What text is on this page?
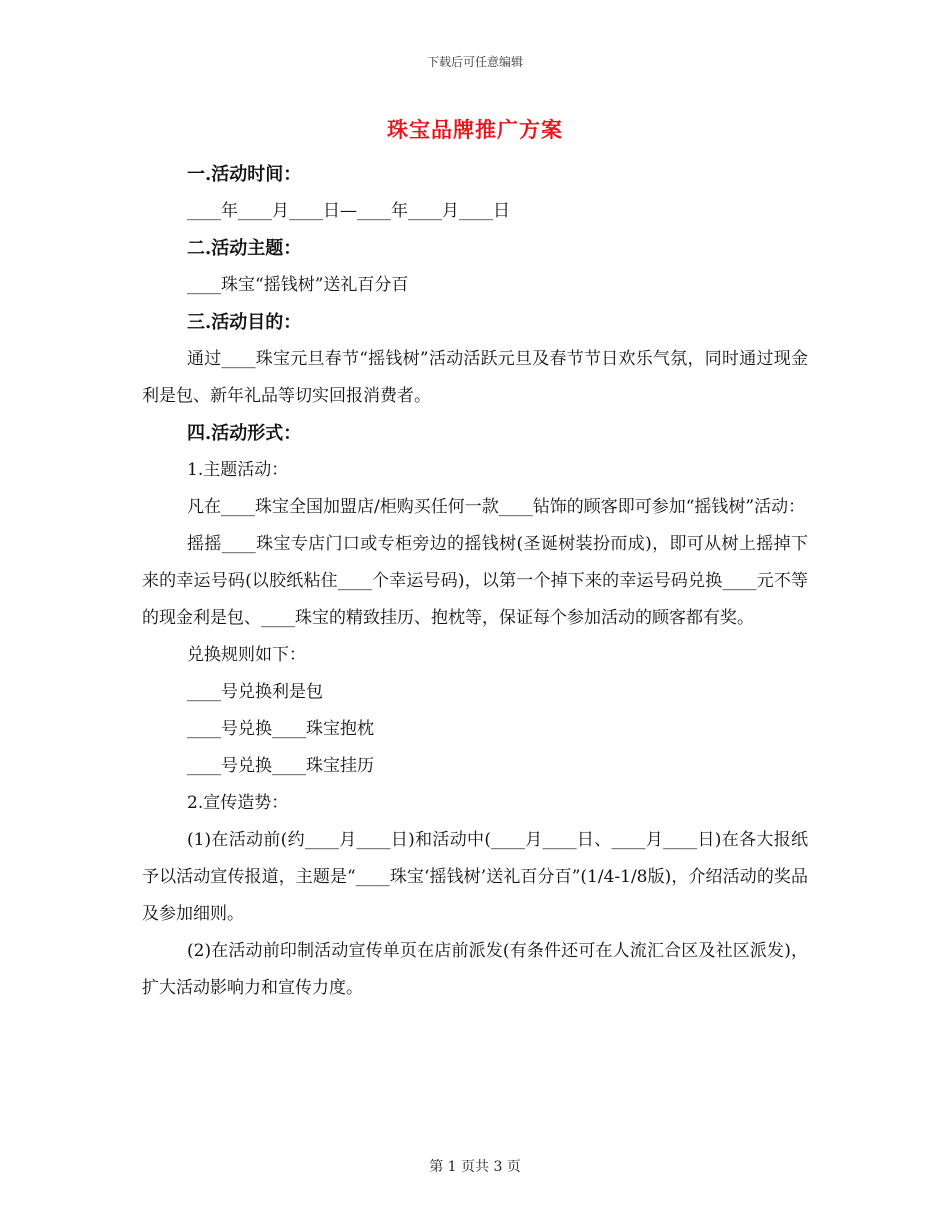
下载后可任意编辑
珠宝品牌推广方案

一.活动时间：

____年____月____日—____年____月____日

二.活动主题：

____珠宝“摇钱树”送礼百分百

三.活动目的：

通过____珠宝元旦春节“摇钱树”活动活跃元旦及春节节日欢乐气氛，同时通过现金利是包、新年礼品等切实回报消费者。

四.活动形式：

1.主题活动：

凡在____珠宝全国加盟店/柜购买任何一款____钻饰的顾客即可参加“摇钱树”活动：

摇摇____珠宝专店门口或专柜旁边的摇钱树(圣诞树装扮而成)，即可从树上摇掉下来的幸运号码(以胶纸粘住____个幸运号码)，以第一个掉下来的幸运号码兑换____元不等的现金利是包、____珠宝的精致挂历、抱枕等，保证每个参加活动的顾客都有奖。

兑换规则如下：

____号兑换利是包

____号兑换____珠宝抱枕

____号兑换____珠宝挂历

2.宣传造势：

(1)在活动前(约____月____日)和活动中(____月____日、____月____日)在各大报纸予以活动宣传报道，主题是“____珠宝‘摇钱树’送礼百分百”(1/4-1/8版)，介绍活动的奖品及参加细则。

(2)在活动前印制活动宣传单页在店前派发(有条件还可在人流汇合区及社区派发)，扩大活动影响力和宣传力度。

第 1 页共 3 页
